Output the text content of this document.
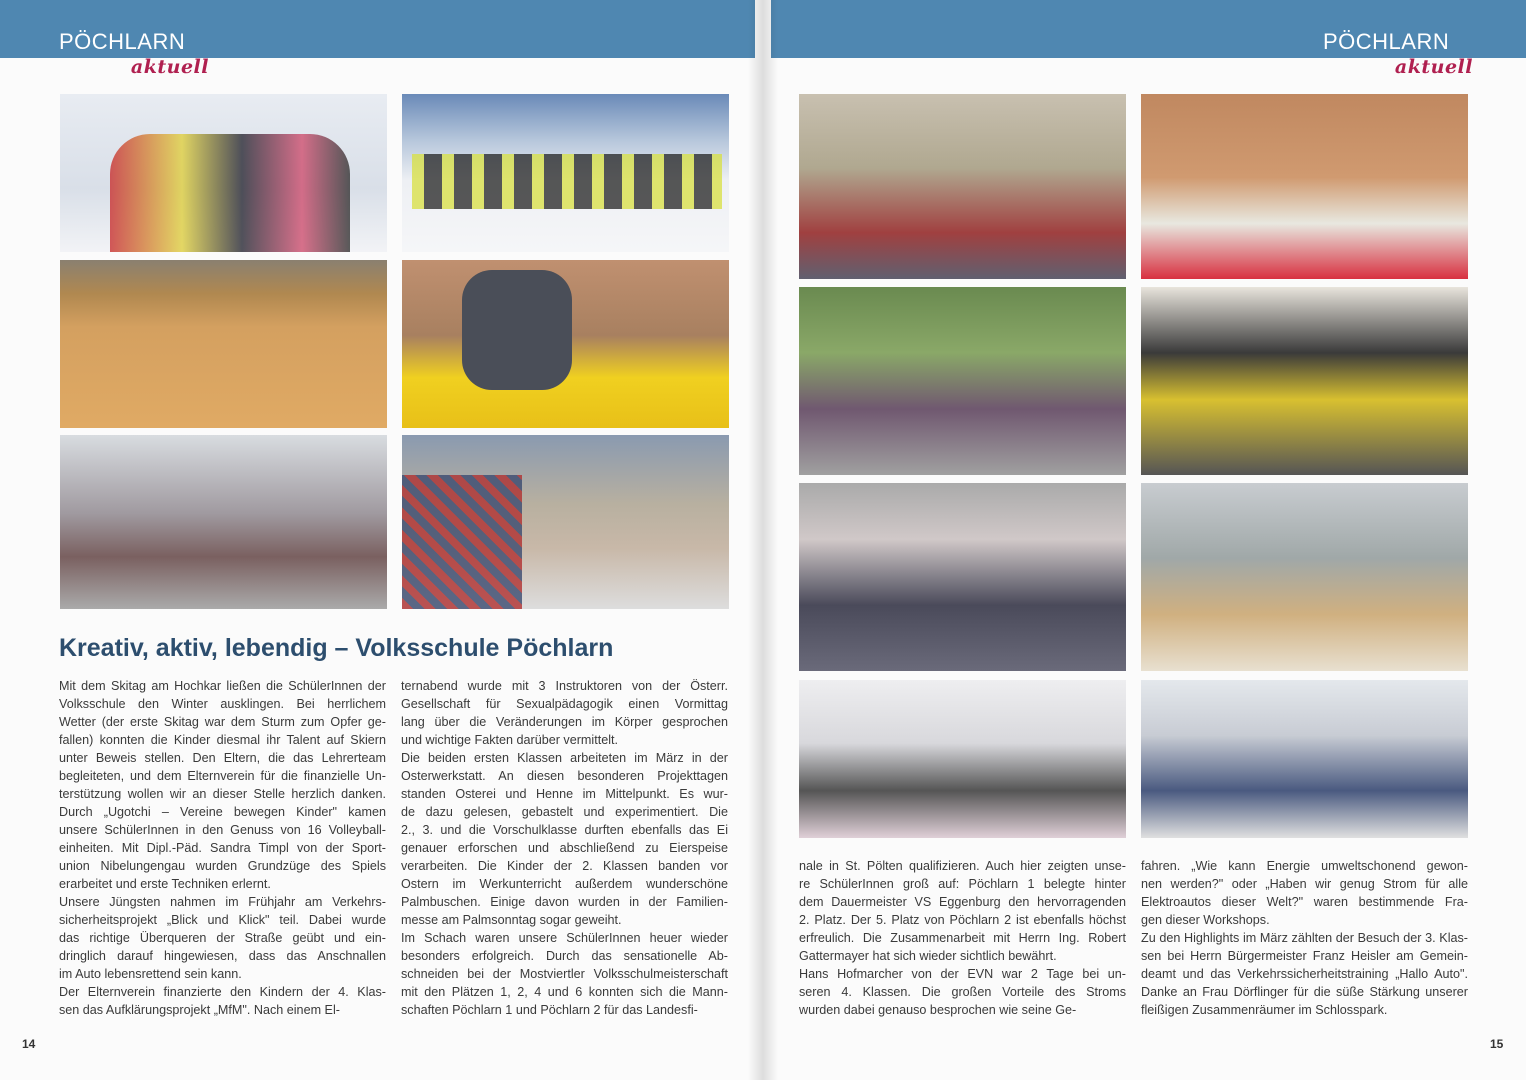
PÖCHLARN
aktuell
PÖCHLARN
aktuell
Kreativ, aktiv, lebendig – Volksschule Pöchlarn
Mit dem Skitag am Hochkar ließen die SchülerInnen der
Volksschule den Winter ausklingen. Bei herrlichem
Wetter (der erste Skitag war dem Sturm zum Opfer ge-
fallen) konnten die Kinder diesmal ihr Talent auf Skiern
unter Beweis stellen. Den Eltern, die das Lehrerteam
begleiteten, und dem Elternverein für die finanzielle Un-
terstützung wollen wir an dieser Stelle herzlich danken.
Durch „Ugotchi – Vereine bewegen Kinder" kamen
unsere SchülerInnen in den Genuss von 16 Volleyball-
einheiten. Mit Dipl.-Päd. Sandra Timpl von der Sport-
union Nibelungengau wurden Grundzüge des Spiels
erarbeitet und erste Techniken erlernt.
Unsere Jüngsten nahmen im Frühjahr am Verkehrs-
sicherheitsprojekt „Blick und Klick" teil. Dabei wurde
das richtige Überqueren der Straße geübt und ein-
dringlich darauf hingewiesen, dass das Anschnallen
im Auto lebensrettend sein kann.
Der Elternverein finanzierte den Kindern der 4. Klas-
sen das Aufklärungsprojekt „MfM". Nach einem El-
ternabend wurde mit 3 Instruktoren von der Österr.
Gesellschaft für Sexualpädagogik einen Vormittag
lang über die Veränderungen im Körper gesprochen
und wichtige Fakten darüber vermittelt.
Die beiden ersten Klassen arbeiteten im März in der
Osterwerkstatt. An diesen besonderen Projekttagen
standen Osterei und Henne im Mittelpunkt. Es wur-
de dazu gelesen, gebastelt und experimentiert. Die
2., 3. und die Vorschulklasse durften ebenfalls das Ei
genauer erforschen und abschließend zu Eierspeise
verarbeiten. Die Kinder der 2. Klassen banden vor
Ostern im Werkunterricht außerdem wunderschöne
Palmbuschen. Einige davon wurden in der Familien-
messe am Palmsonntag sogar geweiht.
Im Schach waren unsere SchülerInnen heuer wieder
besonders erfolgreich. Durch das sensationelle Ab-
schneiden bei der Mostviertler Volksschulmeisterschaft
mit den Plätzen 1, 2, 4 und 6 konnten sich die Mann-
schaften Pöchlarn 1 und Pöchlarn 2 für das Landesfi-
nale in St. Pölten qualifizieren. Auch hier zeigten unse-
re SchülerInnen groß auf: Pöchlarn 1 belegte hinter
dem Dauermeister VS Eggenburg den hervorragenden
2. Platz. Der 5. Platz von Pöchlarn 2 ist ebenfalls höchst
erfreulich. Die Zusammenarbeit mit Herrn Ing. Robert
Gattermayer hat sich wieder sichtlich bewährt.
Hans Hofmarcher von der EVN war 2 Tage bei un-
seren 4. Klassen. Die großen Vorteile des Stroms
wurden dabei genauso besprochen wie seine Ge-
fahren. „Wie kann Energie umweltschonend gewon-
nen werden?" oder „Haben wir genug Strom für alle
Elektroautos dieser Welt?" waren bestimmende Fra-
gen dieser Workshops.
Zu den Highlights im März zählten der Besuch der 3. Klas-
sen bei Herrn Bürgermeister Franz Heisler am Gemein-
deamt und das Verkehrssicherheitstraining „Hallo Auto".
Danke an Frau Dörflinger für die süße Stärkung unserer
fleißigen Zusammenräumer im Schlosspark.
14	15
